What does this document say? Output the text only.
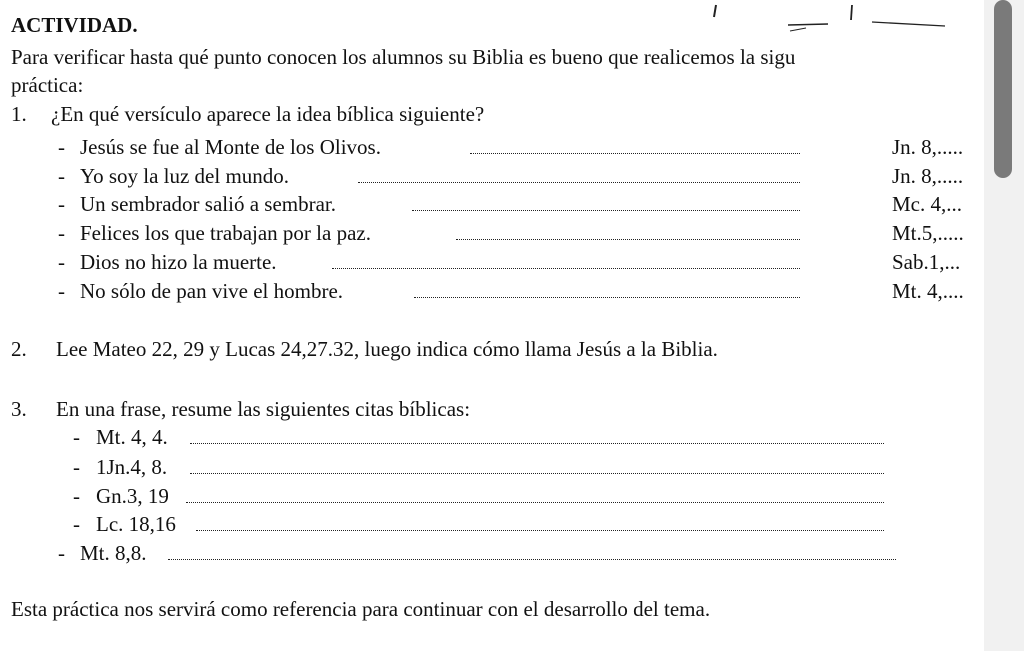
ACTIVIDAD.
Para verificar hasta qué punto conocen los alumnos su Biblia es bueno que realicemos la sigu
práctica:
1. ¿En qué versículo aparece la idea bíblica siguiente?
- Jesús se fue al Monte de los Olivos.	Jn. 8,.....
- Yo soy la luz del mundo.	Jn. 8,.....
- Un sembrador salió a sembrar.	Mc. 4,...
- Felices los que trabajan por la paz.	Mt.5,.....
- Dios no hizo la muerte.	Sab.1,...
- No sólo de pan vive el hombre.	Mt. 4,....
2. Lee Mateo 22, 29 y Lucas 24,27.32, luego indica cómo llama Jesús a la Biblia.
3. En una frase, resume las siguientes citas bíblicas:
- Mt. 4, 4.
- 1Jn.4, 8.
- Gn.3, 19
- Lc. 18,16
- Mt. 8,8.
Esta práctica nos servirá como referencia para continuar con el desarrollo del tema.
